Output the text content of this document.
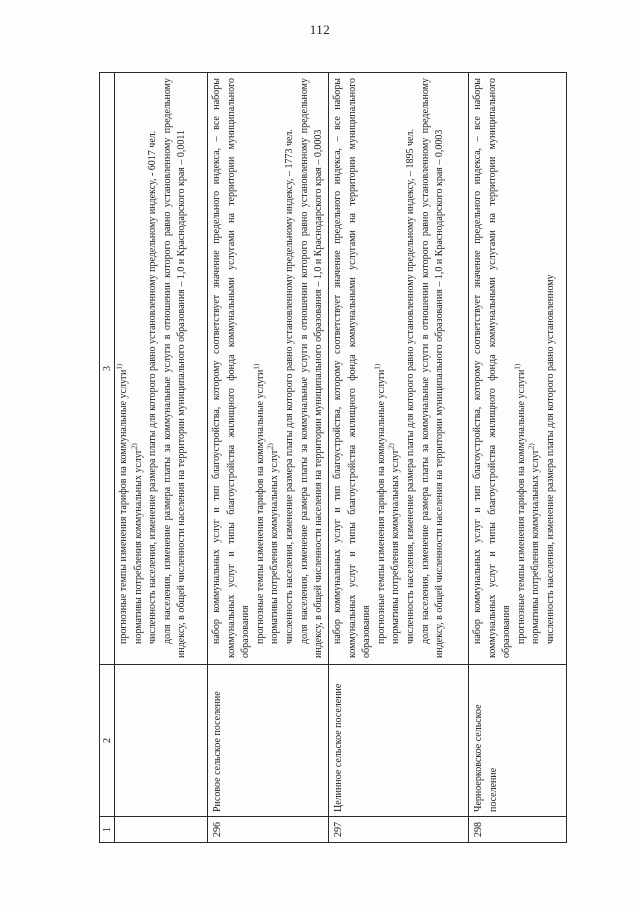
112
1	2	3

		прогнозные темпы изменения тарифов на коммунальные услуги$^{1)}$

нормативы потребления коммунальных услуг$^{2)}$ численность населения, изменение размера платы для которого равно установленному предельному индексу, - 6017 чел. доля населения, изменение размера платы за коммунальные услуги в отношении которого равно установленному предельному индексу, в общей численности населения на территории муниципального образования – 1,0 и Краснодарского края – 0,0011

296	Рисовое сельское поселение	набор коммунальных услуг и тип благоустройства, которому соответствует значение предельного индекса, – все наборы коммунальных услуг и типы благоустройства жилищного фонда коммунальными услугами на территории муниципального образования прогнозные темпы изменения тарифов на коммунальные услуги$^{1)}$

нормативы потребления коммунальных услуг$^{2)}$ численность населения, изменение размера платы для которого равно установленному предельному индексу, – 1773 чел. доля населения, изменение размера платы за коммунальные услуги в отношении которого равно установленному предельному индексу, в общей численности населения на территории муниципального образования – 1,0 и Краснодарского края – 0,0003

297	Целинное сельское поселение	набор коммунальных услуг и тип благоустройства, которому соответствует значение предельного индекса, – все наборы коммунальных услуг и типы благоустройства жилищного фонда коммунальными услугами на территории муниципального образования прогнозные темпы изменения тарифов на коммунальные услуги$^{1)}$

нормативы потребления коммунальных услуг$^{2)}$ численность населения, изменение размера платы для которого равно установленному предельному индексу, – 1895 чел. доля населения, изменение размера платы за коммунальные услуги в отношении которого равно установленному предельному индексу, в общей численности населения на территории муниципального образования – 1,0 и Краснодарского края – 0,0003

298	Черноерковское сельское поселение	набор коммунальных услуг и тип благоустройства, которому соответствует значение предельного индекса, – все наборы коммунальных услуг и типы благоустройства жилищного фонда коммунальными услугами на территории муниципального образования прогнозные темпы изменения тарифов на коммунальные услуги$^{1)}$

нормативы потребления коммунальных услуг$^{2)}$ численность населения, изменение размера платы для которого равно установленному
